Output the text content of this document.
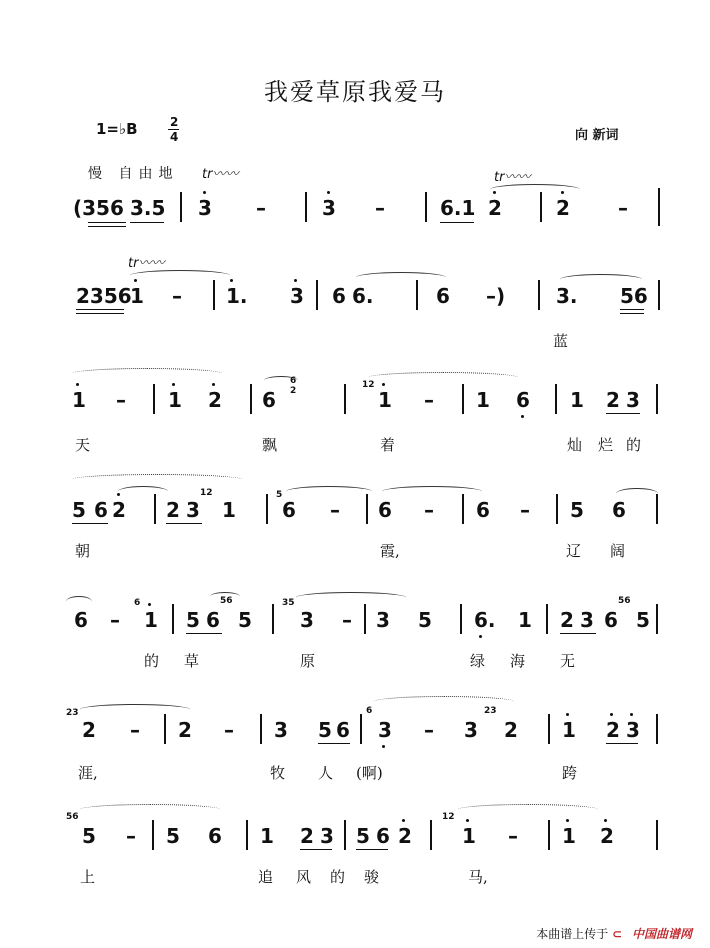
我爱草原我爱马
1=♭B	2
4	向 新词
慢 自由地 tr〰〰	tr〰〰
(356 3.5 3 –	3 –	6.1 2	2 –
tr〰〰
2356
1 – 1. 3 6 6.	6 –)	3. 56
蓝
1 – 1 2 6
6
2
12
1 – 1 6 1 2 3
天	飘	着	灿 烂 的
5 6 2 2 3
12
1
5
6 – 6 – 6 – 5 6
朝	霞,	辽 阔
6 –
6
1 5 6
56
5
35
3 – 3 5 6. 1 2 3 6
56
5
的 草	原	绿 海 无
23
2 – 2 – 3 5 6
6
3 – 3
23
2 1 2 3
涯,	牧 人 (啊)	跨
56
5 – 5 6 1 2 3 5 6 2
12
1 – 1 2
上	追 风 的 骏	马,
本曲谱上传于 ⊂ 中国曲谱网
